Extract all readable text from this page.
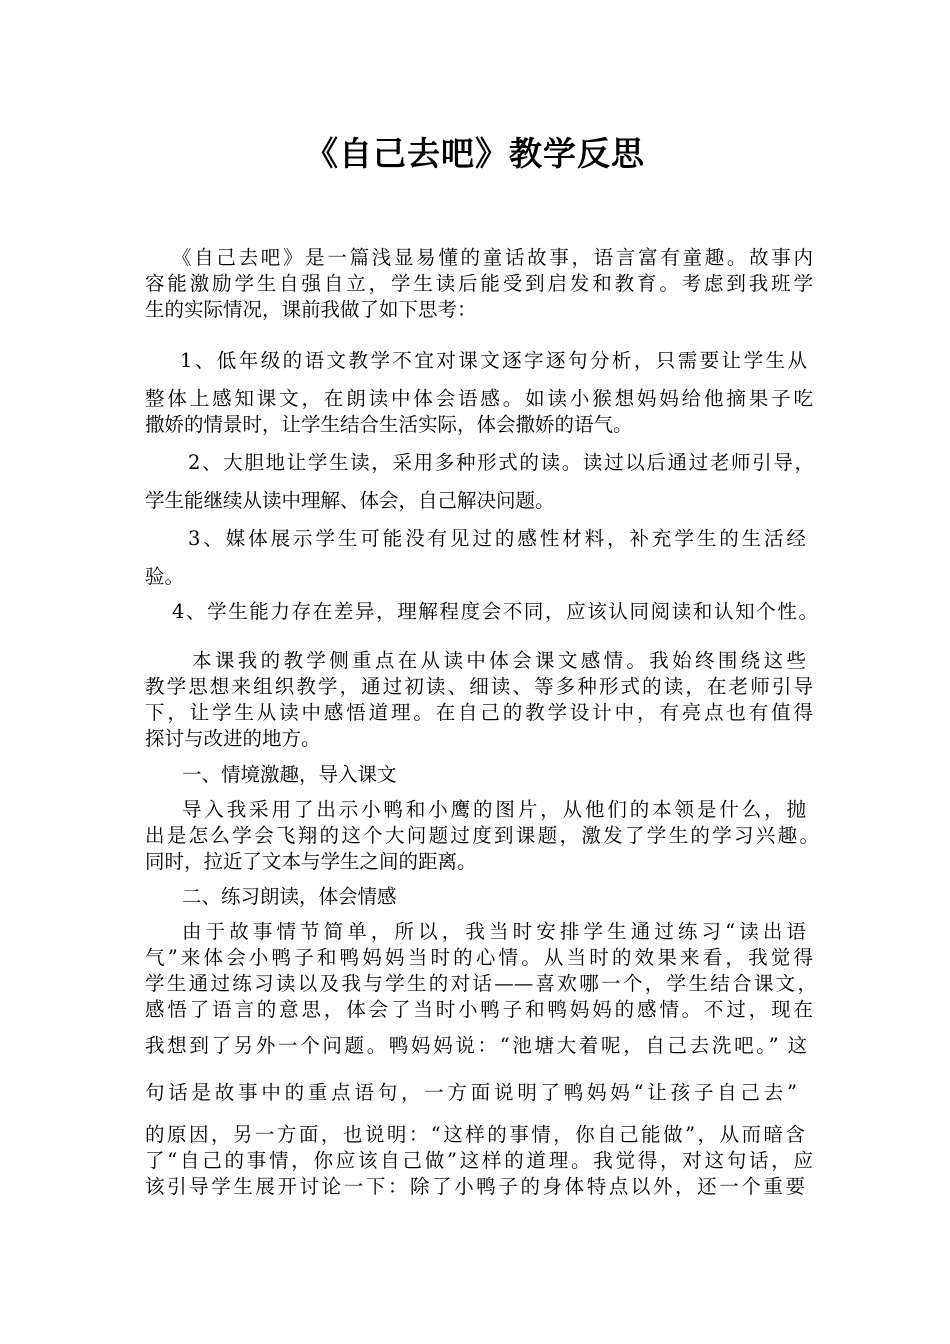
《自己去吧》教学反思

《自己去吧》是一篇浅显易懂的童话故事，语言富有童趣。故事内

容能激励学生自强自立，学生读后能受到启发和教育。考虑到我班学

生的实际情况，课前我做了如下思考：

1、低年级的语文教学不宜对课文逐字逐句分析，只需要让学生从

整体上感知课文，在朗读中体会语感。如读小猴想妈妈给他摘果子吃

撒娇的情景时，让学生结合生活实际，体会撒娇的语气。

2、大胆地让学生读，采用多种形式的读。读过以后通过老师引导，

学生能继续从读中理解、体会，自己解决问题。

3、媒体展示学生可能没有见过的感性材料，补充学生的生活经

验。

4、学生能力存在差异，理解程度会不同，应该认同阅读和认知个性。

本课我的教学侧重点在从读中体会课文感情。我始终围绕这些

教学思想来组织教学，通过初读、细读、等多种形式的读，在老师引导

下，让学生从读中感悟道理。在自己的教学设计中，有亮点也有值得

探讨与改进的地方。

一、情境激趣，导入课文

导入我采用了出示小鸭和小鹰的图片，从他们的本领是什么，抛

出是怎么学会飞翔的这个大问题过度到课题，激发了学生的学习兴趣。

同时，拉近了文本与学生之间的距离。

二、练习朗读，体会情感

由于故事情节简单，所以，我当时安排学生通过练习“读出语

气”来体会小鸭子和鸭妈妈当时的心情。从当时的效果来看，我觉得

学生通过练习读以及我与学生的对话——喜欢哪一个，学生结合课文，

感悟了语言的意思，体会了当时小鸭子和鸭妈妈的感情。不过，现在

我想到了另外一个问题。鸭妈妈说：“池塘大着呢，自己去洗吧。” 这

句话是故事中的重点语句，一方面说明了鸭妈妈“让孩子自己去”

的原因，另一方面，也说明：“这样的事情，你自己能做”，从而暗含

了“自己的事情，你应该自己做”这样的道理。我觉得，对这句话，应

该引导学生展开讨论一下：除了小鸭子的身体特点以外，还一个重要
